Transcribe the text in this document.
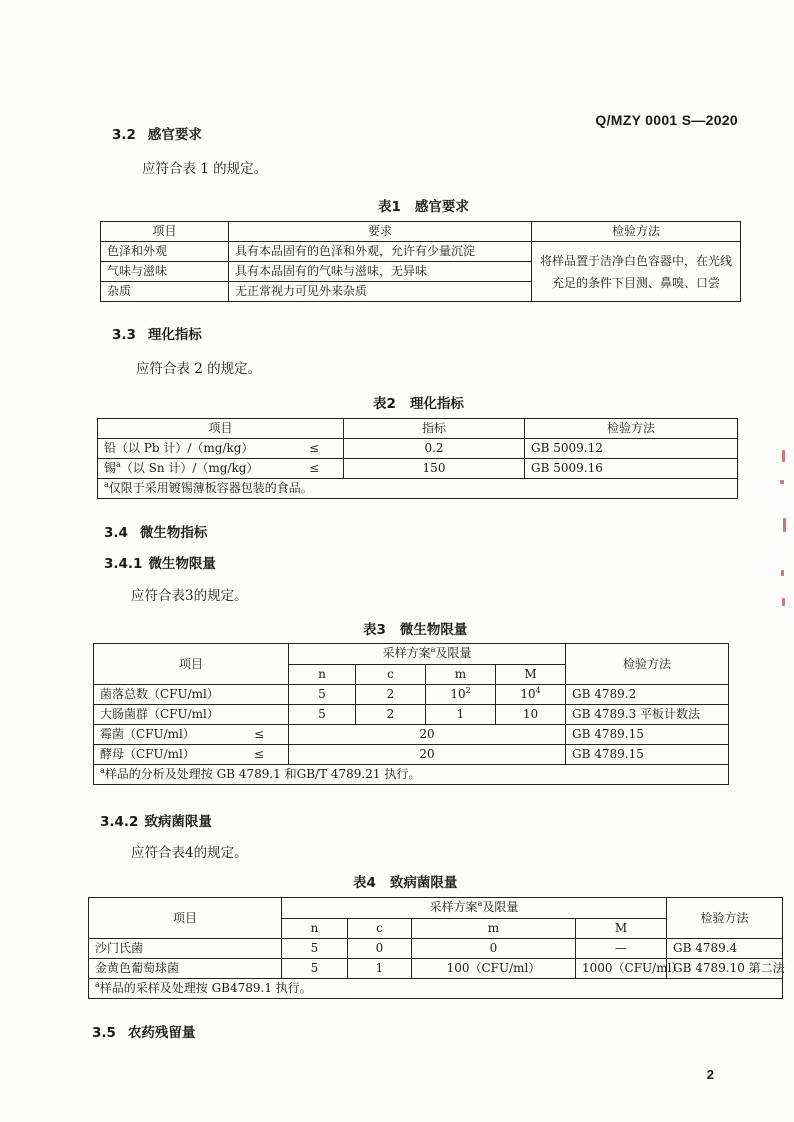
Q/MZY 0001 S—2020
3.2 感官要求
应符合表 1 的规定。
表1 感官要求
项目	要求	检验方法
色泽和外观	具有本品固有的色泽和外观，允许有少量沉淀	将样品置于洁净白色容器中，在光线充足的条件下目测、鼻嗅、口尝
气味与滋味	具有本品固有的气味与滋味，无异味	
杂质	无正常视力可见外来杂质	
3.3 理化指标
应符合表 2 的规定。
表2 理化指标
项目	指标	检验方法
铅（以 Pb 计）/（mg/kg） ≤	0.2	GB 5009.12
锡$^a$（以 Sn 计）/（mg/kg） ≤	150	GB 5009.16
$^a$仅限于采用镀锡薄板容器包装的食品。		
3.4 微生物指标
3.4.1 微生物限量
应符合表3的规定。
表3 微生物限量
项目	采样方案$^a$及限量				检验方法
	n	c	m	M	
菌落总数（CFU/ml）	5	2	$10^2$	$10^4$	GB 4789.2
大肠菌群（CFU/ml）	5	2	1	10	GB 4789.3 平板计数法
霉菌（CFU/ml） ≤	20				GB 4789.15
酵母（CFU/ml） ≤	20				GB 4789.15
$^a$样品的分析及处理按 GB 4789.1 和GB/T 4789.21 执行。					
3.4.2 致病菌限量
应符合表4的规定。
表4 致病菌限量
项目	采样方案$^a$及限量				检验方法
	n	c	m	M	
沙门氏菌	5	0	0	—	GB 4789.4
金黄色葡萄球菌	5	1	100（CFU/ml）	1000（CFU/ml）	GB 4789.10 第二法
$^a$样品的采样及处理按 GB4789.1 执行。					
3.5 农药残留量
2
